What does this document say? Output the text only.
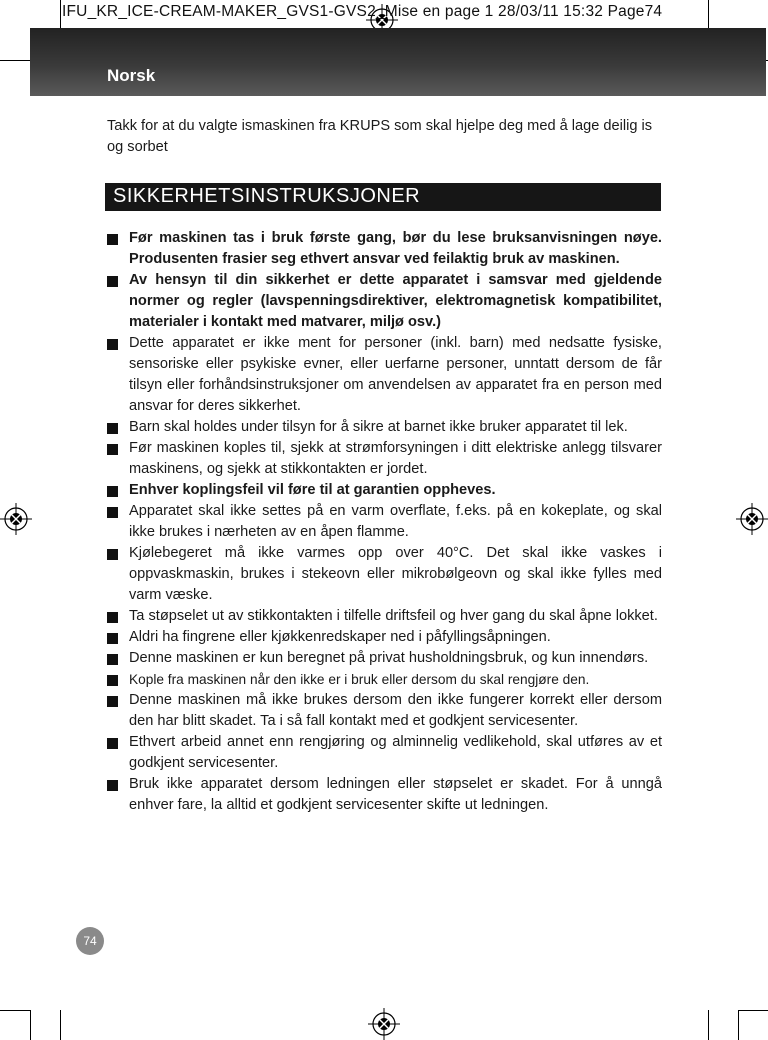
IFU_KR_ICE-CREAM-MAKER_GVS1-GVS2_Mise en page 1 28/03/11 15:32 Page74
Norsk

Takk for at du valgte ismaskinen fra KRUPS som skal hjelpe deg med å lage deilig is og sorbet

SIKKERHETSINSTRUKSJONER
Før maskinen tas i bruk første gang, bør du lese bruksanvisningen nøye. Produsenten frasier seg ethvert ansvar ved feilaktig bruk av maskinen.
Av hensyn til din sikkerhet er dette apparatet i samsvar med gjeldende normer og regler (lavspenningsdirektiver, elektromagnetisk kompatibilitet, materialer i kontakt med matvarer, miljø osv.)
Dette apparatet er ikke ment for personer (inkl. barn) med nedsatte fysiske, sensoriske eller psykiske evner, eller uerfarne personer, unntatt dersom de får tilsyn eller forhåndsinstruksjoner om anvendelsen av apparatet fra en person med ansvar for deres sikkerhet.
Barn skal holdes under tilsyn for å sikre at barnet ikke bruker apparatet til lek.
Før maskinen koples til, sjekk at strømforsyningen i ditt elektriske anlegg tilsvarer maskinens, og sjekk at stikkontakten er jordet.
Enhver koplingsfeil vil føre til at garantien oppheves.
Apparatet skal ikke settes på en varm overflate, f.eks. på en kokeplate, og skal ikke brukes i nærheten av en åpen flamme.
Kjølebegeret må ikke varmes opp over 40°C. Det skal ikke vaskes i oppvaskmaskin, brukes i stekeovn eller mikrobølgeovn og skal ikke fylles med varm væske.
Ta støpselet ut av stikkontakten i tilfelle driftsfeil og hver gang du skal åpne lokket.
Aldri ha fingrene eller kjøkkenredskaper ned i påfyllingsåpningen.
Denne maskinen er kun beregnet på privat husholdningsbruk, og kun innendørs.
Kople fra maskinen når den ikke er i bruk eller dersom du skal rengjøre den.
Denne maskinen må ikke brukes dersom den ikke fungerer korrekt eller dersom den har blitt skadet. Ta i så fall kontakt med et godkjent servicesenter.
Ethvert arbeid annet enn rengjøring og alminnelig vedlikehold, skal utføres av et godkjent servicesenter.
Bruk ikke apparatet dersom ledningen eller støpselet er skadet. For å unngå enhver fare, la alltid et godkjent servicesenter skifte ut ledningen.
74
